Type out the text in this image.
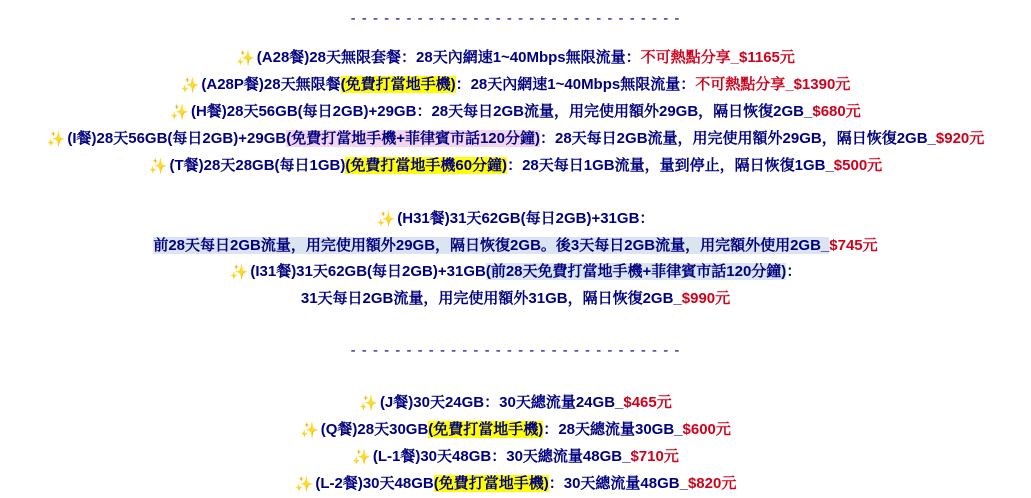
- - - - - - - - - - - - - - - - - - - - - - - - - - - - - -
✨ (A28餐)28天無限套餐：28天內網速1~40Mbps無限流量：不可熱點分享_$1165元
✨ (A28P餐)28天無限餐(免費打當地手機)：28天內網速1~40Mbps無限流量：不可熱點分享_$1390元
✨ (H餐)28天56GB(每日2GB)+29GB：28天每日2GB流量，用完使用額外29GB，隔日恢復2GB_$680元
✨ (I餐)28天56GB(每日2GB)+29GB(免費打當地手機+菲律賓市話120分鐘)：28天每日2GB流量，用完使用額外29GB，隔日恢復2GB_$920元
✨ (T餐)28天28GB(每日1GB)(免費打當地手機60分鐘)：28天每日1GB流量，量到停止，隔日恢復1GB_$500元
✨ (H31餐)31天62GB(每日2GB)+31GB：
前28天每日2GB流量，用完使用額外29GB，隔日恢復2GB。後3天每日2GB流量，用完額外使用2GB_$745元
✨ (I31餐)31天62GB(每日2GB)+31GB(前28天免費打當地手機+菲律賓市話120分鐘)：
31天每日2GB流量，用完使用額外31GB，隔日恢復2GB_$990元
- - - - - - - - - - - - - - - - - - - - - - - - - - - - - -
✨ (J餐)30天24GB：30天總流量24GB_$465元
✨ (Q餐)28天30GB(免費打當地手機)：28天總流量30GB_$600元
✨ (L-1餐)30天48GB：30天總流量48GB_$710元
✨ (L-2餐)30天48GB(免費打當地手機)：30天總流量48GB_$820元
